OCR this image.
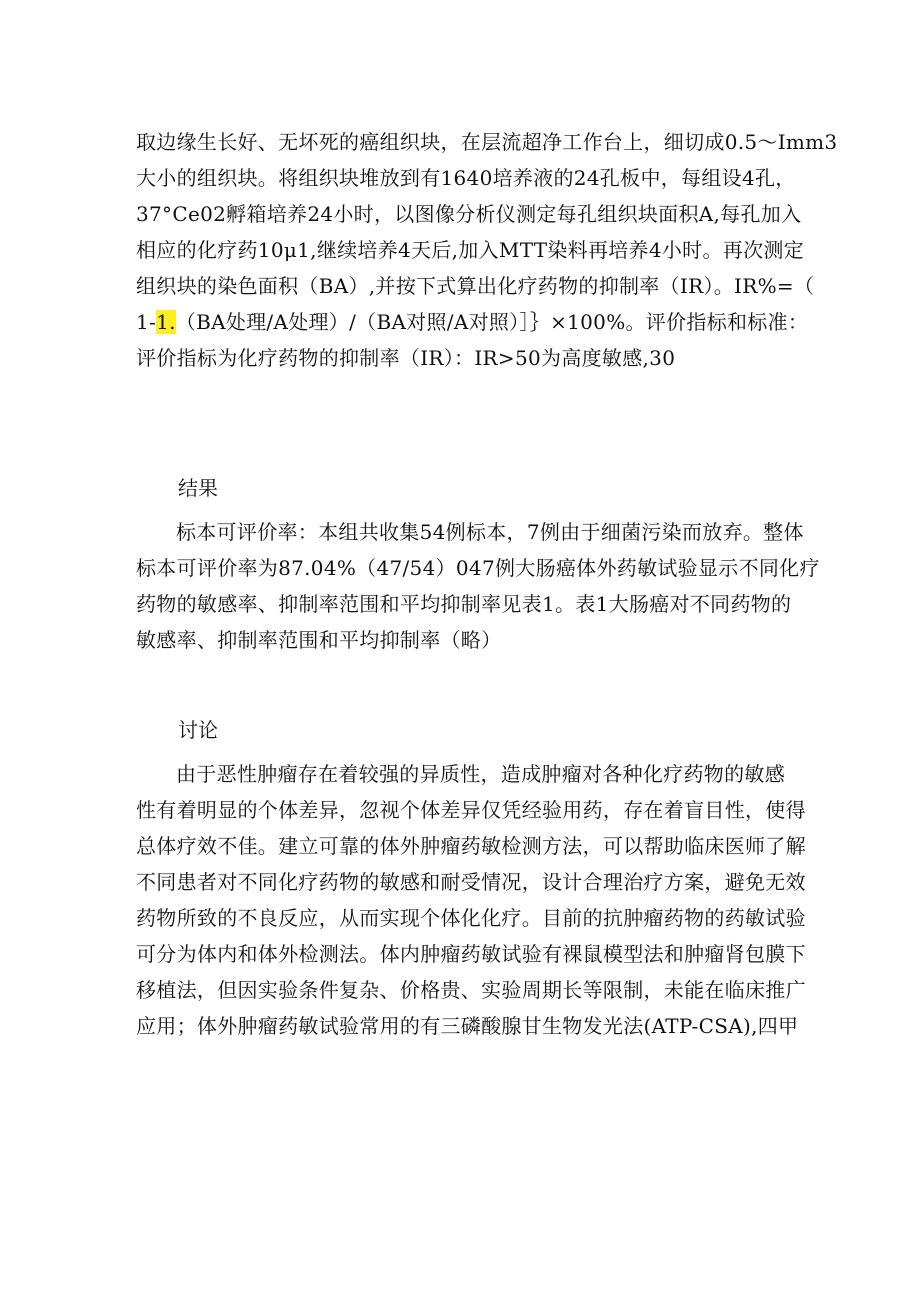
取边缘生长好、无坏死的癌组织块，在层流超净工作台上，细切成0.5～Imm3
大小的组织块。将组织块堆放到有1640培养液的24孔板中，每组设4孔，
37°Ce02孵箱培养24小时，以图像分析仪测定每孔组织块面积A,每孔加入
相应的化疗药10μ1,继续培养4天后,加入MTT染料再培养4小时。再次测定
组织块的染色面积（BA）,并按下式算出化疗药物的抑制率（IR）。IR%=（
1-1.（BA处理/A处理）/（BA对照/A对照）］｝×100%。评价指标和标准：
评价指标为化疗药物的抑制率（IR）：IR>50为高度敏感,30
结果
标本可评价率：本组共收集54例标本，7例由于细菌污染而放弃。整体
标本可评价率为87.04%（47/54）047例大肠癌体外药敏试验显示不同化疗
药物的敏感率、抑制率范围和平均抑制率见表1。表1大肠癌对不同药物的
敏感率、抑制率范围和平均抑制率（略）
讨论
由于恶性肿瘤存在着较强的异质性，造成肿瘤对各种化疗药物的敏感
性有着明显的个体差异，忽视个体差异仅凭经验用药，存在着盲目性，使得
总体疗效不佳。建立可靠的体外肿瘤药敏检测方法，可以帮助临床医师了解
不同患者对不同化疗药物的敏感和耐受情况，设计合理治疗方案，避免无效
药物所致的不良反应，从而实现个体化化疗。目前的抗肿瘤药物的药敏试验
可分为体内和体外检测法。体内肿瘤药敏试验有裸鼠模型法和肿瘤肾包膜下
移植法，但因实验条件复杂、价格贵、实验周期长等限制，未能在临床推广
应用；体外肿瘤药敏试验常用的有三磷酸腺甘生物发光法(ATP-CSA),四甲
